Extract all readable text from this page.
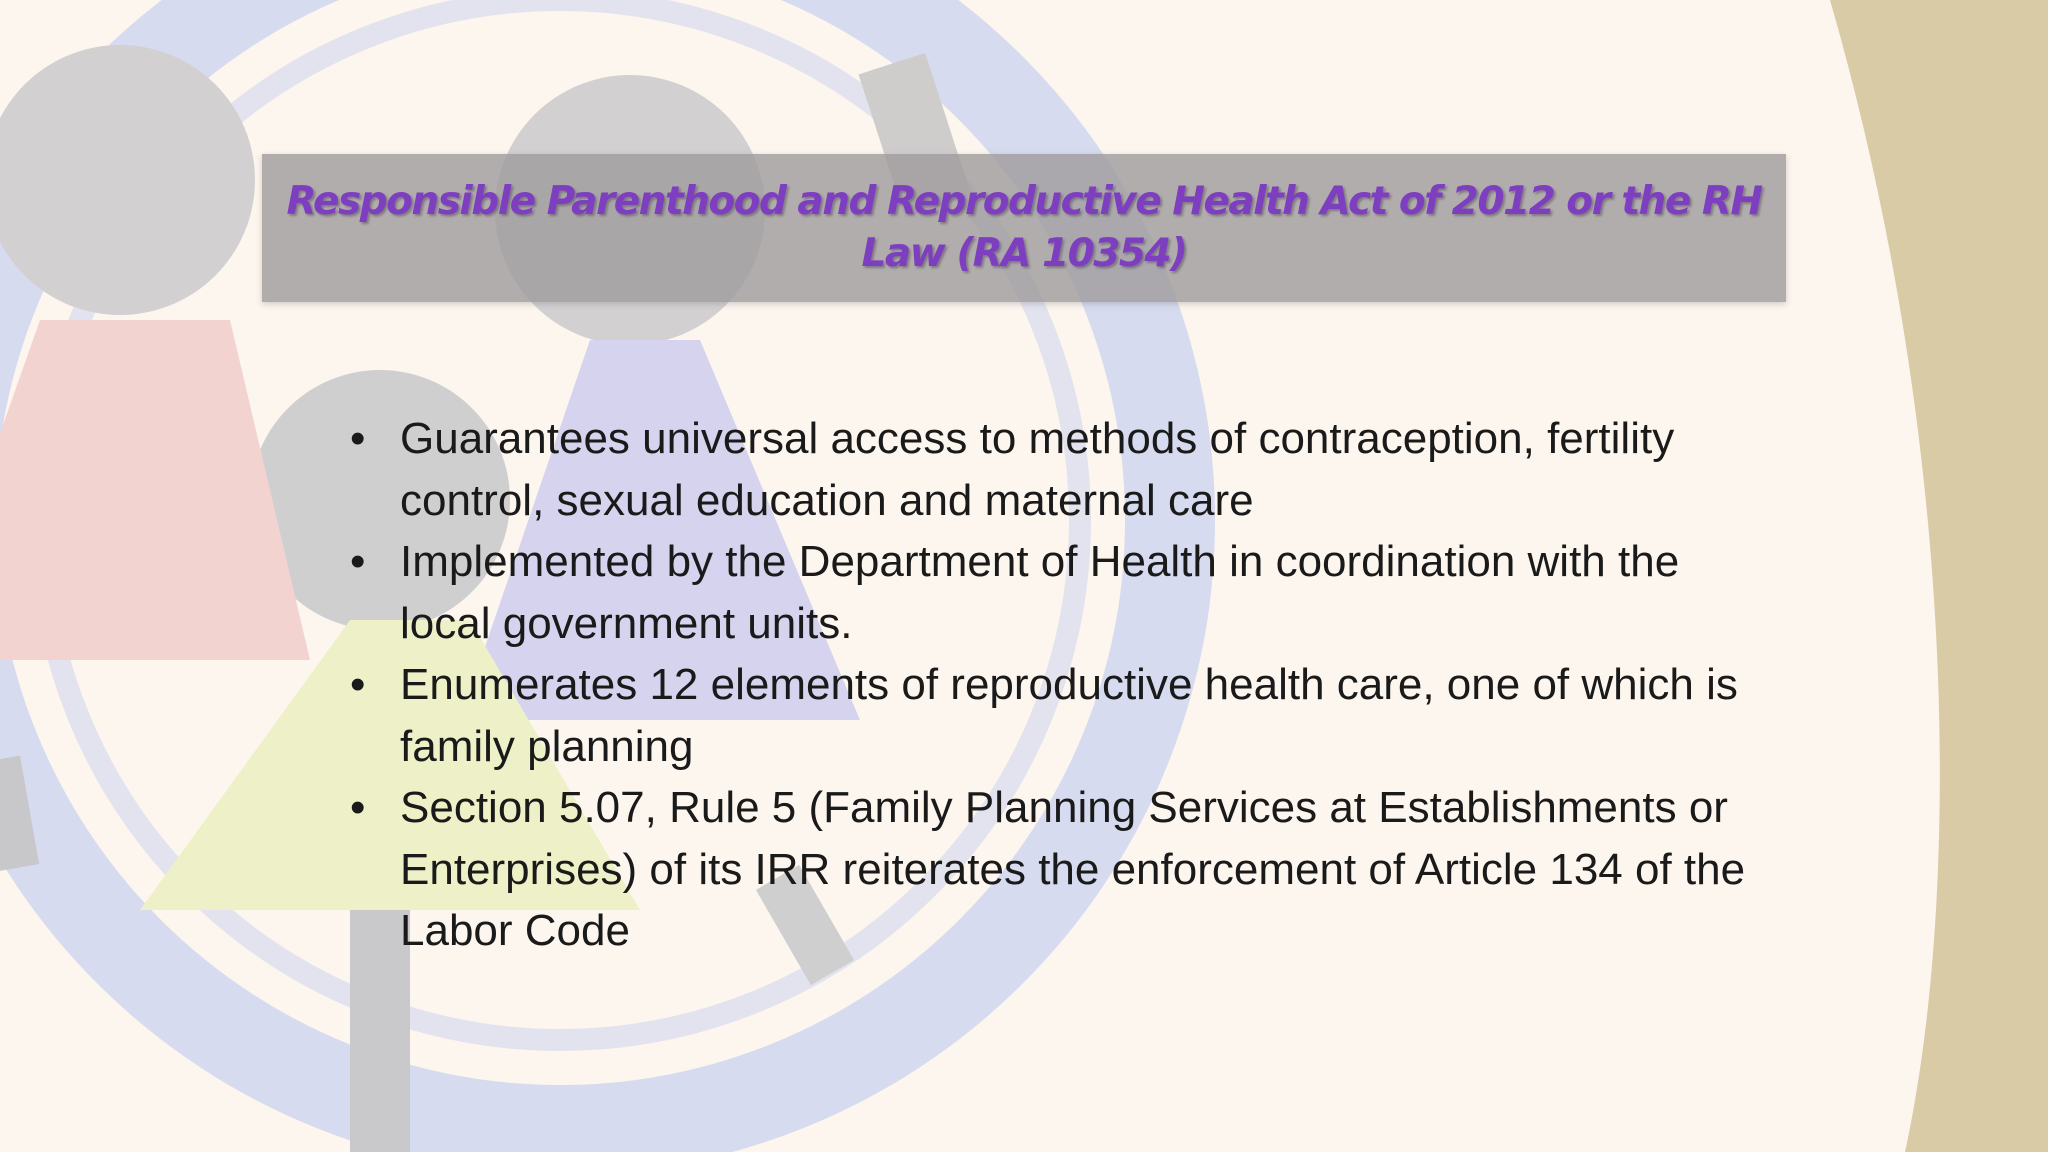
Responsible Parenthood and Reproductive Health Act of 2012 or the RH Law (RA 10354)
• Guarantees universal access to methods of contraception, fertility control, sexual education and maternal care
• Implemented by the Department of Health in coordination with the local government units.
• Enumerates 12 elements of reproductive health care, one of which is family planning
• Section 5.07, Rule 5 (Family Planning Services at Establishments or Enterprises) of its IRR reiterates the enforcement of Article 134 of the Labor Code
